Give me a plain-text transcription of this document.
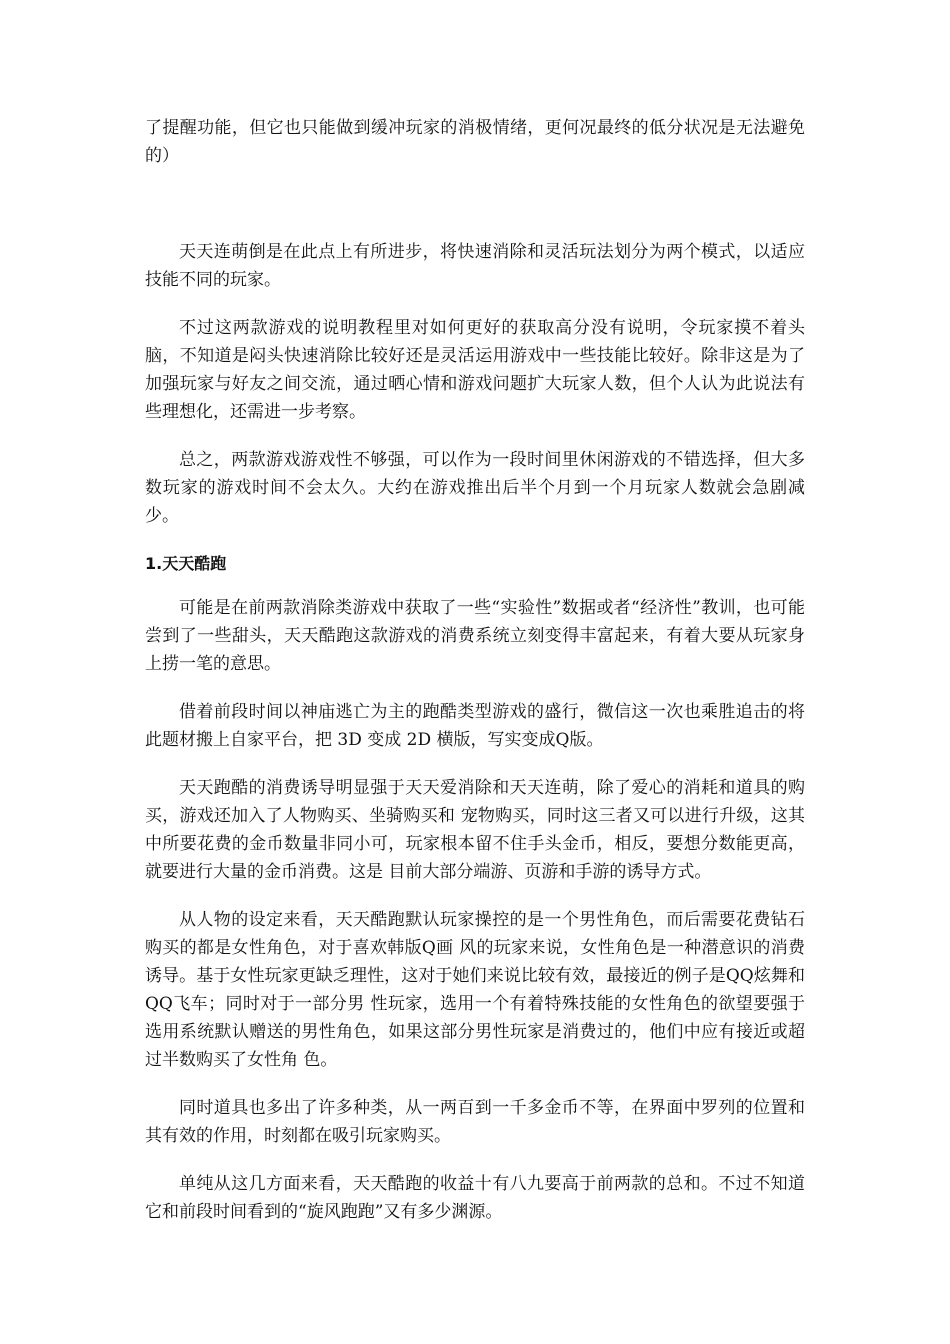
了提醒功能，但它也只能做到缓冲玩家的消极情绪，更何况最终的低分状况是无法避免的）

天天连萌倒是在此点上有所进步，将快速消除和灵活玩法划分为两个模式，以适应技能不同的玩家。

不过这两款游戏的说明教程里对如何更好的获取高分没有说明，令玩家摸不着头脑，不知道是闷头快速消除比较好还是灵活运用游戏中一些技能比较好。除非这是为了加强玩家与好友之间交流，通过晒心情和游戏问题扩大玩家人数，但个人认为此说法有些理想化，还需进一步考察。

总之，两款游戏游戏性不够强，可以作为一段时间里休闲游戏的不错选择，但大多数玩家的游戏时间不会太久。大约在游戏推出后半个月到一个月玩家人数就会急剧减少。

1.天天酷跑

可能是在前两款消除类游戏中获取了一些“实验性”数据或者“经济性”教训，也可能尝到了一些甜头，天天酷跑这款游戏的消费系统立刻变得丰富起来，有着大要从玩家身上捞一笔的意思。

借着前段时间以神庙逃亡为主的跑酷类型游戏的盛行，微信这一次也乘胜追击的将此题材搬上自家平台，把 3D 变成 2D 横版，写实变成Q版。

天天跑酷的消费诱导明显强于天天爱消除和天天连萌，除了爱心的消耗和道具的购买，游戏还加入了人物购买、坐骑购买和 宠物购买，同时这三者又可以进行升级，这其中所要花费的金币数量非同小可，玩家根本留不住手头金币，相反，要想分数能更高，就要进行大量的金币消费。这是 目前大部分端游、页游和手游的诱导方式。

从人物的设定来看，天天酷跑默认玩家操控的是一个男性角色，而后需要花费钻石购买的都是女性角色，对于喜欢韩版Q画 风的玩家来说，女性角色是一种潜意识的消费诱导。基于女性玩家更缺乏理性，这对于她们来说比较有效，最接近的例子是QQ炫舞和QQ飞车；同时对于一部分男 性玩家，选用一个有着特殊技能的女性角色的欲望要强于选用系统默认赠送的男性角色，如果这部分男性玩家是消费过的，他们中应有接近或超过半数购买了女性角 色。

同时道具也多出了许多种类，从一两百到一千多金币不等，在界面中罗列的位置和其有效的作用，时刻都在吸引玩家购买。

单纯从这几方面来看，天天酷跑的收益十有八九要高于前两款的总和。不过不知道它和前段时间看到的“旋风跑跑”又有多少渊源。
